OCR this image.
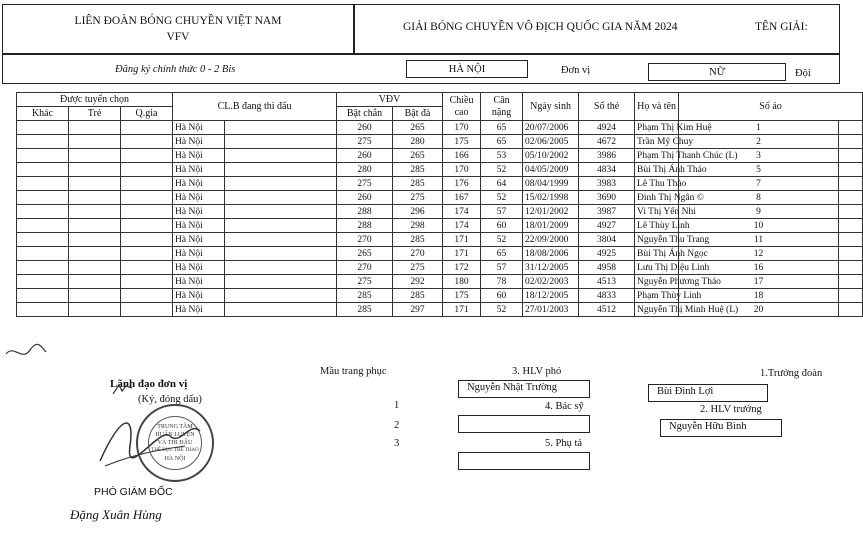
LIÊN ĐOÀN BÓNG CHUYỀN VIỆT NAM
VFV
GIẢI BÓNG CHUYỀN VÔ ĐỊCH QUỐC GIA NĂM 2024	TÊN GIẢI:
Đăng ký chính thức 0 - 2 Bis	HÀ NỘI	Đơn vị	NỮ	Đội
Được tuyển chọn			CL.B đang thi đấu		VĐV		Chiều cao	Cân nặng	Ngày sinh	Số thẻ	Họ và tên	Số áo	
Khác	Trẻ	Q.gia			Bật chắn	Bật đà							
			Hà Nội		260	265	170	65	20/07/2006	4924	Phạm Thị Kim Huệ	1	
			Hà Nội		275	280	175	65	02/06/2005	4672	Trần Mỹ Chuy	2	
			Hà Nội		260	265	166	53	05/10/2002	3986	Phạm Thị Thanh Chúc (L)	3	
			Hà Nội		280	285	170	52	04/05/2009	4834	Bùi Thị Ánh Thảo	5	
			Hà Nội		275	285	176	64	08/04/1999	3983	Lê Thu Thảo	7	
			Hà Nội		260	275	167	52	15/02/1998	3690	Đinh Thị Ngân ©	8	
			Hà Nội		288	296	174	57	12/01/2002	3987	Vi Thị Yến Nhi	9	
			Hà Nội		288	298	174	60	18/01/2009	4927	Lê Thùy Linh	10	
			Hà Nội		270	285	171	52	22/09/2000	3804	Nguyễn Thu Trang	11	
			Hà Nội		265	270	171	65	18/08/2006	4925	Bùi Thị Ánh Ngọc	12	
			Hà Nội		270	275	172	57	31/12/2005	4958	Lưu Thị Diệu Linh	16	
			Hà Nội		275	292	180	78	02/02/2003	4513	Nguyễn Phương Thảo	17	
			Hà Nội		285	285	175	60	18/12/2005	4833	Phạm Thùy Linh	18	
			Hà Nội		285	297	171	52	27/01/2003	4512	Nguyễn Thị Minh Huệ (L)	20	
Mầu trang phục
1
2
3
3. HLV phó
Nguyễn Nhật Trường
4. Bác sỹ
5. Phụ tá
1.Trưởng đoàn
Bùi Đình Lợi
2. HLV trưởng
Nguyễn Hữu Bình
Lãnh đạo đơn vị
(Ký, đóng dấu)
TRUNG TÂM
HUẤN LUYỆN
VÀ THI ĐẤU
THỂ DỤC THỂ THAO
HÀ NỘI
PHÓ GIÁM ĐỐC
Đặng Xuân Hùng
